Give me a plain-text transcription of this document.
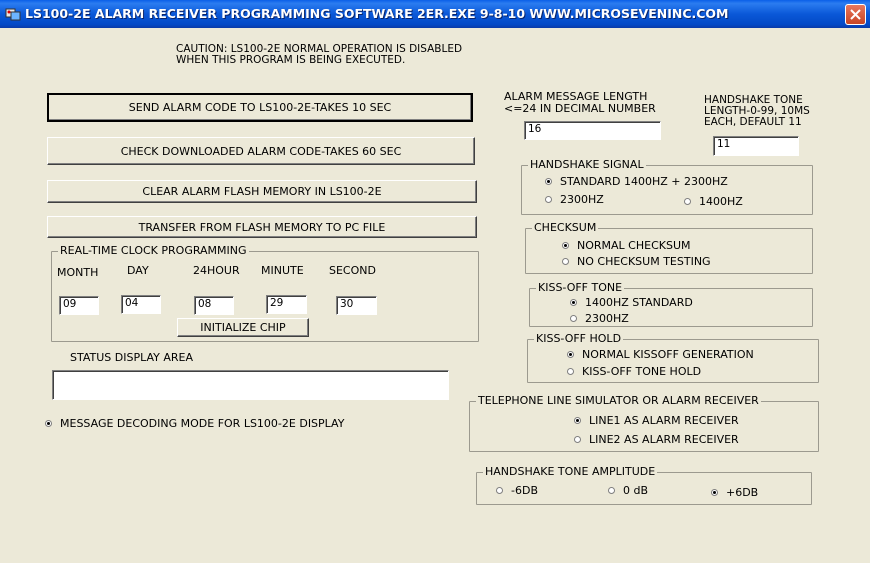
LS100-2E ALARM RECEIVER PROGRAMMING SOFTWARE 2ER.EXE 9-8-10 WWW.MICROSEVENINC.COM
CAUTION: LS100-2E NORMAL OPERATION IS DISABLED
WHEN THIS PROGRAM IS BEING EXECUTED.
SEND ALARM CODE TO LS100-2E-TAKES 10 SEC
CHECK DOWNLOADED ALARM CODE-TAKES 60 SEC
CLEAR ALARM FLASH MEMORY IN LS100-2E
TRANSFER FROM FLASH MEMORY TO PC FILE
REAL-TIME CLOCK PROGRAMMING
MONTH	DAY	24HOUR MINUTE SECOND
09	04	08	29	30
INITIALIZE CHIP
STATUS DISPLAY AREA
MESSAGE DECODING MODE FOR LS100-2E DISPLAY
ALARM MESSAGE LENGTH
<=24 IN DECIMAL NUMBER
16
HANDSHAKE TONE
LENGTH-0-99, 10MS
EACH, DEFAULT 11
11
HANDSHAKE SIGNAL
STANDARD 1400HZ + 2300HZ
2300HZ	1400HZ
CHECKSUM
NORMAL CHECKSUM
NO CHECKSUM TESTING
KISS-OFF TONE
1400HZ STANDARD
2300HZ
KISS-OFF HOLD
NORMAL KISSOFF GENERATION
KISS-OFF TONE HOLD
TELEPHONE LINE SIMULATOR OR ALARM RECEIVER
LINE1 AS ALARM RECEIVER
LINE2 AS ALARM RECEIVER
HANDSHAKE TONE AMPLITUDE
-6DB	0 dB	+6DB
